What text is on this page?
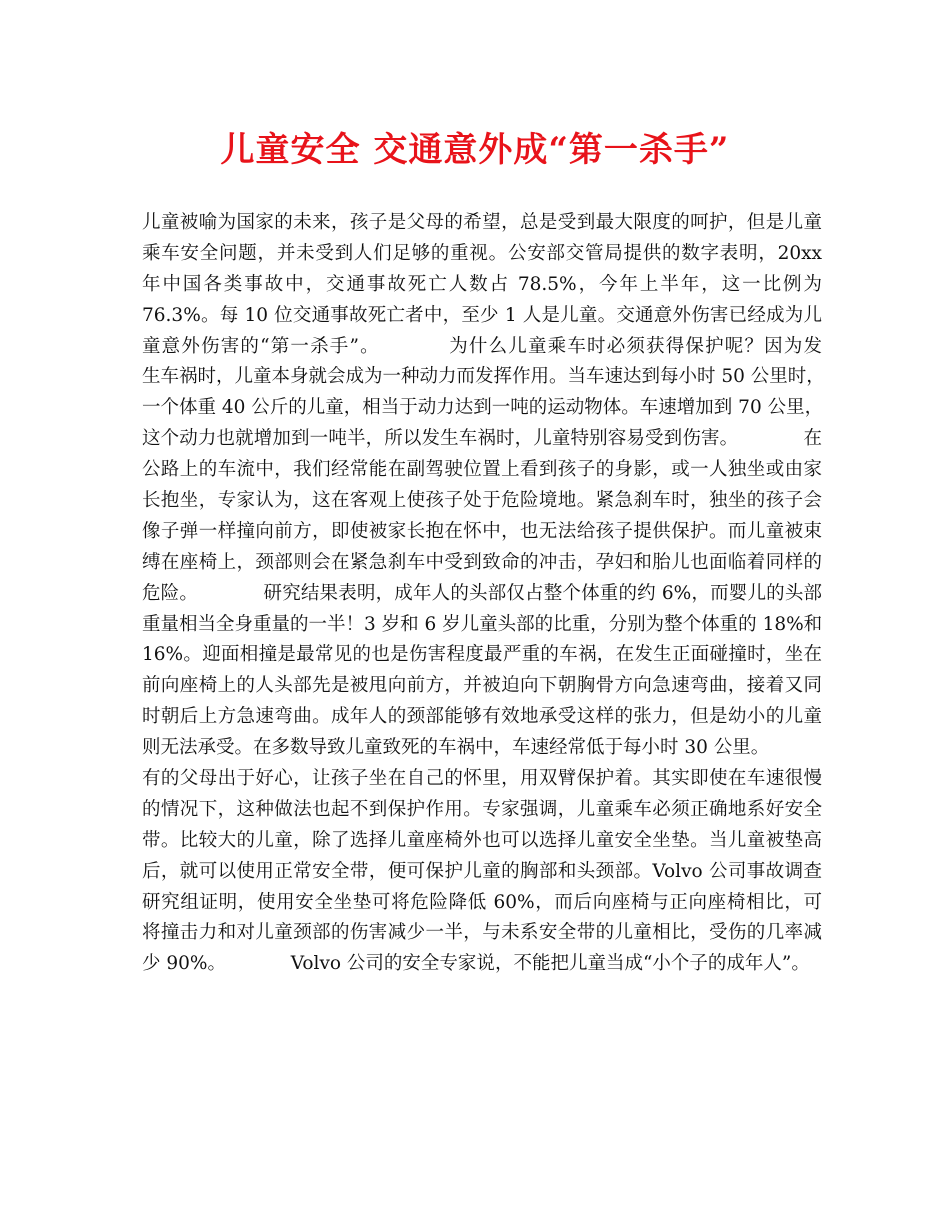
儿童安全 交通意外成“第一杀手”
儿童被喻为国家的未来，孩子是父母的希望，总是受到最大限度的呵护，但是儿童
乘车安全问题，并未受到人们足够的重视。公安部交管局提供的数字表明，20xx
年中国各类事故中，交通事故死亡人数占 78.5%，今年上半年，这一比例为
76.3%。每 10 位交通事故死亡者中，至少 1 人是儿童。交通意外伤害已经成为儿
童意外伤害的“第一杀手”。　　　　为什么儿童乘车时必须获得保护呢？因为发
生车祸时，儿童本身就会成为一种动力而发挥作用。当车速达到每小时 50 公里时，
一个体重 40 公斤的儿童，相当于动力达到一吨的运动物体。车速增加到 70 公里，
这个动力也就增加到一吨半，所以发生车祸时，儿童特别容易受到伤害。　　　　在
公路上的车流中，我们经常能在副驾驶位置上看到孩子的身影，或一人独坐或由家
长抱坐，专家认为，这在客观上使孩子处于危险境地。紧急刹车时，独坐的孩子会
像子弹一样撞向前方，即使被家长抱在怀中，也无法给孩子提供保护。而儿童被束
缚在座椅上，颈部则会在紧急刹车中受到致命的冲击，孕妇和胎儿也面临着同样的
危险。　　　　研究结果表明，成年人的头部仅占整个体重的约 6%，而婴儿的头部
重量相当全身重量的一半！3 岁和 6 岁儿童头部的比重，分别为整个体重的 18%和
16%。迎面相撞是最常见的也是伤害程度最严重的车祸，在发生正面碰撞时，坐在
前向座椅上的人头部先是被甩向前方，并被迫向下朝胸骨方向急速弯曲，接着又同
时朝后上方急速弯曲。成年人的颈部能够有效地承受这样的张力，但是幼小的儿童
则无法承受。在多数导致儿童致死的车祸中，车速经常低于每小时 30 公里。
有的父母出于好心，让孩子坐在自己的怀里，用双臂保护着。其实即使在车速很慢
的情况下，这种做法也起不到保护作用。专家强调，儿童乘车必须正确地系好安全
带。比较大的儿童，除了选择儿童座椅外也可以选择儿童安全坐垫。当儿童被垫高
后，就可以使用正常安全带，便可保护儿童的胸部和头颈部。Volvo 公司事故调查
研究组证明，使用安全坐垫可将危险降低 60%，而后向座椅与正向座椅相比，可
将撞击力和对儿童颈部的伤害减少一半，与未系安全带的儿童相比，受伤的几率减
少 90%。　　　　Volvo 公司的安全专家说，不能把儿童当成“小个子的成年人”。
